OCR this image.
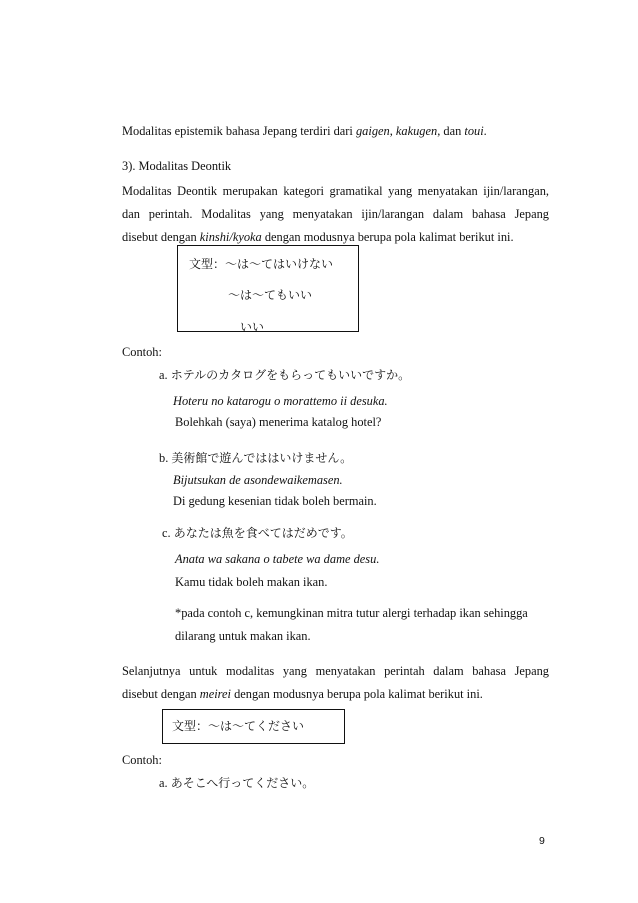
Modalitas epistemik bahasa Jepang terdiri dari gaigen, kakugen, dan toui.
3). Modalitas Deontik
Modalitas Deontik merupakan kategori gramatikal yang menyatakan ijin/larangan,
dan perintah. Modalitas yang menyatakan ijin/larangan dalam bahasa Jepang
disebut dengan kinshi/kyoka dengan modusnya berupa pola kalimat berikut ini.
文型：～は～てはいけない
～は～てもいい
いい
Contoh:
a. ホテルのカタログをもらってもいいですか。
Hoteru no katarogu o morattemo ii desuka.
Bolehkah (saya) menerima katalog hotel?
b. 美術館で遊んでははいけません。
Bijutsukan de asondewaikemasen.
Di gedung kesenian tidak boleh bermain.
c. あなたは魚を食べてはだめです。
Anata wa sakana o tabete wa dame desu.
Kamu tidak boleh makan ikan.
*pada contoh c, kemungkinan mitra tutur alergi terhadap ikan sehingga
dilarang untuk makan ikan.
Selanjutnya untuk modalitas yang menyatakan perintah dalam bahasa Jepang
disebut dengan meirei dengan modusnya berupa pola kalimat berikut ini.
文型：～は～てください
Contoh:
a. あそこへ行ってください。
9
